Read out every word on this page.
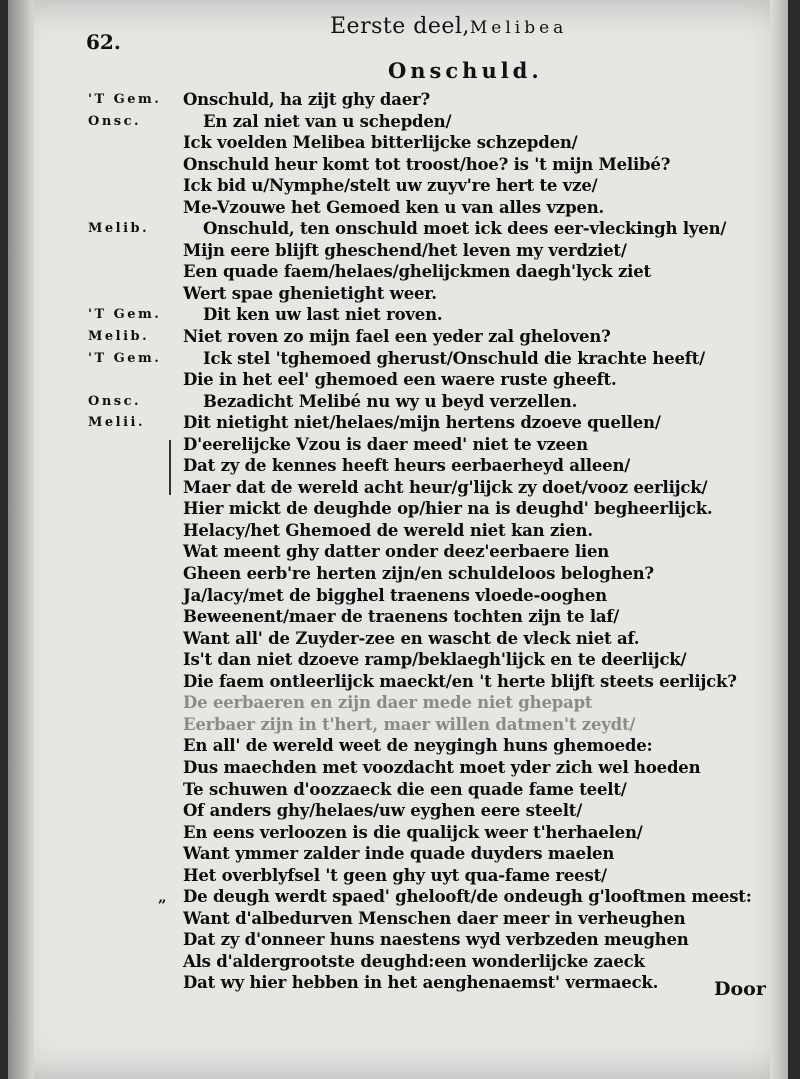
62.
Eerste deel,Melibea
Onschuld.
'T Gem. Onschuld, ha zijt ghy daer?
Onsc.	En zal niet van u schepden/
Ick voelden Melibea bitterlijcke schzepden/
Onschuld heur komt tot troost/hoe? is 't mijn Melibé?
Ick bid u/Nymphe/stelt uw zuyv're hert te vze/
Me-Vzouwe het Gemoed ken u van alles vzpen.
Melib.	Onschuld, ten onschuld moet ick dees eer-vleckingh lyen/
Mijn eere blijft gheschend/het leven my verdziet/
Een quade faem/helaes/ghelijckmen daegh'lyck ziet
Wert spae ghenietight weer.
'T Gem.	Dit ken uw last niet roven.
Melib. Niet roven zo mijn fael een yeder zal gheloven?
'T Gem.	Ick stel 'tghemoed gherust/Onschuld die krachte heeft/
Die in het eel' ghemoed een waere ruste gheeft.
Onsc.	Bezadicht Melibé nu wy u beyd verzellen.
Melii. Dit nietight niet/helaes/mijn hertens dzoeve quellen/
D'eerelijcke Vzou is daer meed' niet te vzeen
Dat zy de kennes heeft heurs eerbaerheyd alleen/
Maer dat de wereld acht heur/g'lijck zy doet/vooz eerlijck/
Hier mickt de deughde op/hier na is deughd' begheerlijck.
Helacy/het Ghemoed de wereld niet kan zien.
Wat meent ghy datter onder deez'eerbaere lien
Gheen eerb're herten zijn/en schuldeloos beloghen?
Ja/lacy/met de bigghel traenens vloede-ooghen
Beweenent/maer de traenens tochten zijn te laf/
Want all' de Zuyder-zee en wascht de vleck niet af.
Is't dan niet dzoeve ramp/beklaegh'lijck en te deerlijck/
Die faem ontleerlijck maeckt/en 't herte blijft steets eerlijck?
De eerbaeren en zijn daer mede niet ghepapt
Eerbaer zijn in t'hert, maer willen datmen't zeydt/
En all' de wereld weet de neygingh huns ghemoede:
Dus maechden met voozdacht moet yder zich wel hoeden
Te schuwen d'oozzaeck die een quade fame teelt/
Of anders ghy/helaes/uw eyghen eere steelt/
En eens verloozen is die qualijck weer t'herhaelen/
Want ymmer zalder inde quade duyders maelen
Het overblyfsel 't geen ghy uyt qua-fame reest/
„ De deugh werdt spaed' ghelooft/de ondeugh g'looftmen meest:
Want d'albedurven Menschen daer meer in verheughen
Dat zy d'onneer huns naestens wyd verbzeden meughen
Als d'aldergrootste deughd:een wonderlijcke zaeck
Dat wy hier hebben in het aenghenaemst' vermaeck.	Door
